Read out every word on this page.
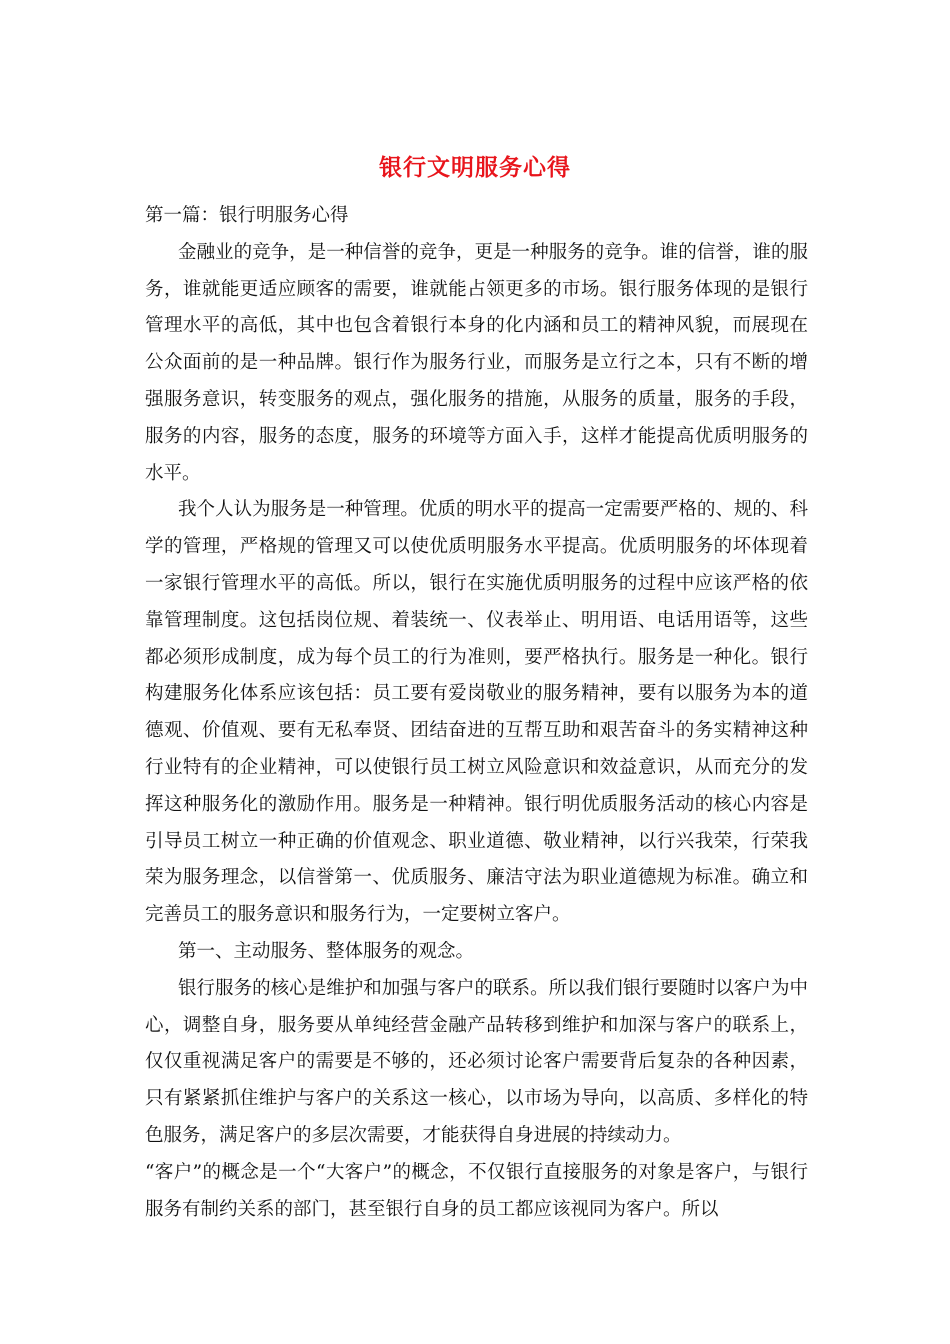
银行文明服务心得

第一篇：银行明服务心得

金融业的竞争，是一种信誉的竞争，更是一种服务的竞争。谁的信誉，谁的服务，谁就能更适应顾客的需要，谁就能占领更多的市场。银行服务体现的是银行管理水平的高低，其中也包含着银行本身的化内涵和员工的精神风貌，而展现在公众面前的是一种品牌。银行作为服务行业，而服务是立行之本，只有不断的增强服务意识，转变服务的观点，强化服务的措施，从服务的质量，服务的手段，服务的内容，服务的态度，服务的环境等方面入手，这样才能提高优质明服务的水平。

我个人认为服务是一种管理。优质的明水平的提高一定需要严格的、规的、科学的管理，严格规的管理又可以使优质明服务水平提高。优质明服务的坏体现着一家银行管理水平的高低。所以，银行在实施优质明服务的过程中应该严格的依靠管理制度。这包括岗位规、着装统一、仪表举止、明用语、电话用语等，这些都必须形成制度，成为每个员工的行为准则，要严格执行。服务是一种化。银行构建服务化体系应该包括：员工要有爱岗敬业的服务精神，要有以服务为本的道德观、价值观、要有无私奉贤、团结奋进的互帮互助和艰苦奋斗的务实精神这种行业特有的企业精神，可以使银行员工树立风险意识和效益意识，从而充分的发挥这种服务化的激励作用。服务是一种精神。银行明优质服务活动的核心内容是引导员工树立一种正确的价值观念、职业道德、敬业精神，以行兴我荣，行荣我荣为服务理念，以信誉第一、优质服务、廉洁守法为职业道德规为标准。确立和完善员工的服务意识和服务行为，一定要树立客户。

第一、主动服务、整体服务的观念。

银行服务的核心是维护和加强与客户的联系。所以我们银行要随时以客户为中心，调整自身，服务要从单纯经营金融产品转移到维护和加深与客户的联系上，仅仅重视满足客户的需要是不够的，还必须讨论客户需要背后复杂的各种因素，只有紧紧抓住维护与客户的关系这一核心，以市场为导向，以高质、多样化的特色服务，满足客户的多层次需要，才能获得自身进展的持续动力。

“客户”的概念是一个“大客户”的概念，不仅银行直接服务的对象是客户，与银行服务有制约关系的部门，甚至银行自身的员工都应该视同为客户。所以
